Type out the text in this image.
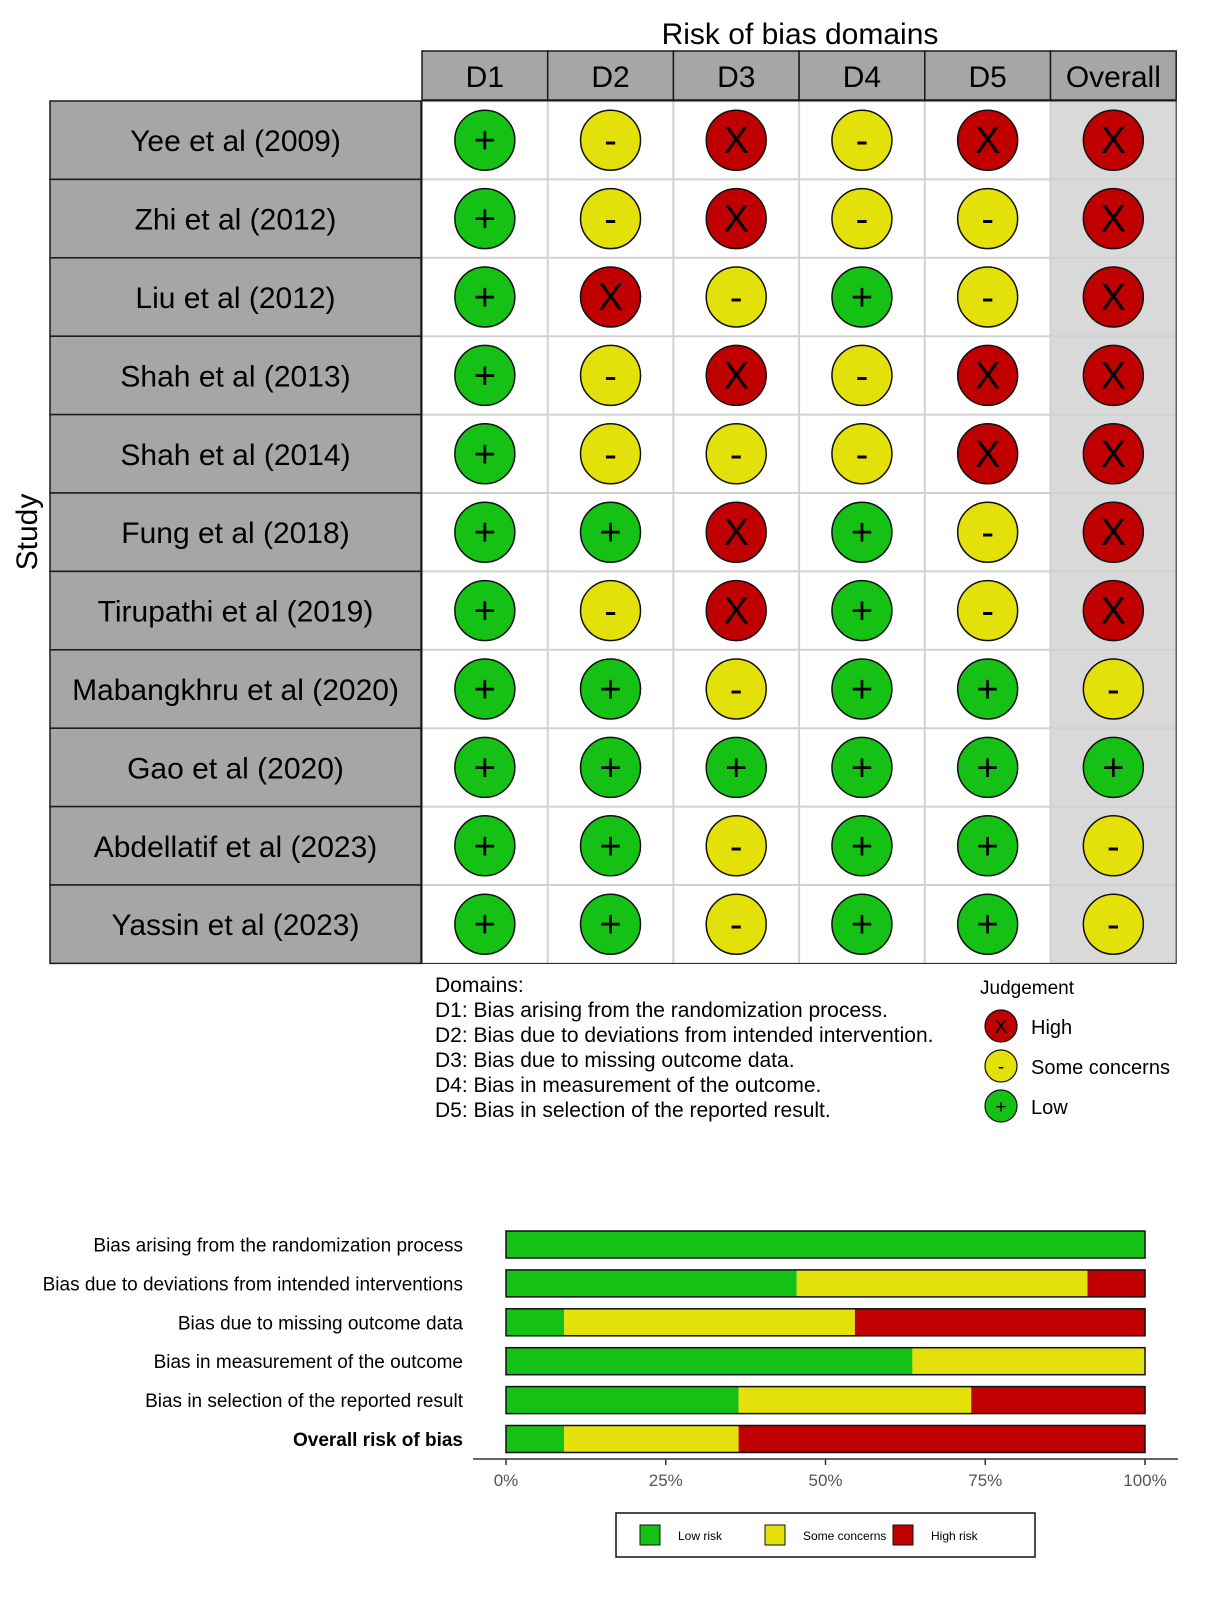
Risk of bias domains
Study
D1	D2	D3	D4	D5 Overall
Yee et al (2009)	+	-	X	-	X	X
Zhi et al (2012)	+	-	X	-	-	X
Liu et al (2012)	+	X	-	+	-	X
Shah et al (2013)	+	-	X	-	X	X
Shah et al (2014)	+	-	-	-	X	X
Fung et al (2018)	+	+	X	+	-	X
Tirupathi et al (2019)	+	-	X	+	-	X
Mabangkhru et al (2020) +	+	-	+	+	-
Gao et al (2020)	+	+	+	+	+	+
Abdellatif et al (2023)	+	+	-	+	+	-
Yassin et al (2023)	+	+	-	+	+	-
Domains:
D1: Bias arising from the randomization process.
D2: Bias due to deviations from intended intervention.
D3: Bias due to missing outcome data.
D4: Bias in measurement of the outcome.
D5: Bias in selection of the reported result.
Judgement
X High
- Some concerns
+ Low
Bias arising from the randomization process
Bias due to deviations from intended interventions
Bias due to missing outcome data
Bias in measurement of the outcome
Bias in selection of the reported result
Overall risk of bias
0%	25%	50%	75%	100%
Low risk	Some concerns	High risk
